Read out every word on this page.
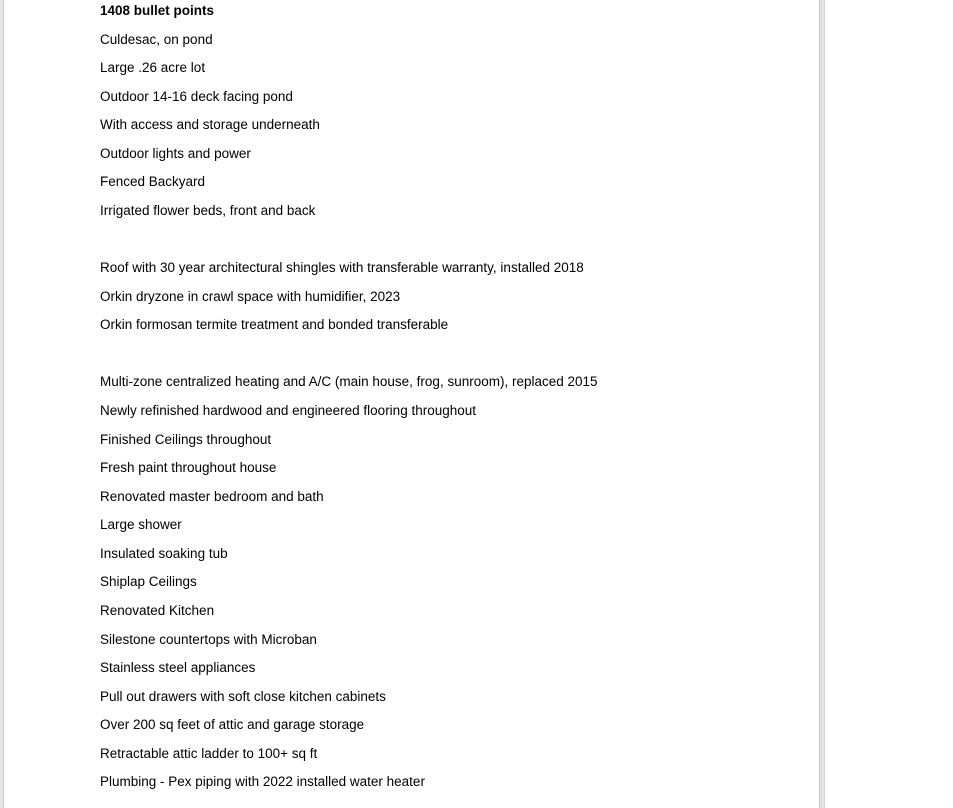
1408 bullet points
Culdesac, on pond
Large .26 acre lot
Outdoor 14-16 deck facing pond
With access and storage underneath
Outdoor lights and power
Fenced Backyard
Irrigated flower beds, front and back
Roof with 30 year architectural shingles with transferable warranty, installed 2018
Orkin dryzone in crawl space with humidifier, 2023
Orkin formosan termite treatment and bonded transferable
Multi-zone centralized heating and A/C (main house, frog, sunroom), replaced 2015
Newly refinished hardwood and engineered flooring throughout
Finished Ceilings throughout
Fresh paint throughout house
Renovated master bedroom and bath
Large shower
Insulated soaking tub
Shiplap Ceilings
Renovated Kitchen
Silestone countertops with Microban
Stainless steel appliances
Pull out drawers with soft close kitchen cabinets
Over 200 sq feet of attic and garage storage
Retractable attic ladder to 100+ sq ft
Plumbing - Pex piping with 2022 installed water heater
